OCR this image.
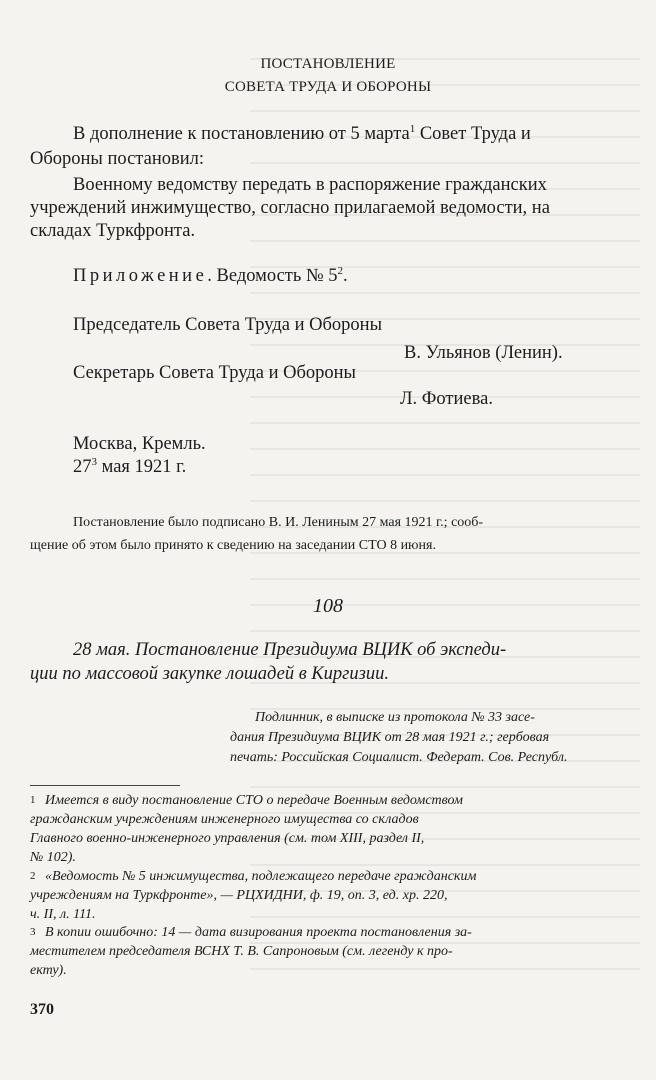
ПОСТАНОВЛЕНИЕ
СОВЕТА ТРУДА И ОБОРОНЫ
В дополнение к постановлению от 5 марта$^1$ Совет Труда и
Обороны постановил:
Военному ведомству передать в распоряжение гражданских
учреждений инжимущество, согласно прилагаемой ведомости, на
складах Туркфронта.
Приложение. Ведомость № $5^2$.
Председатель Совета Труда и Обороны
В. Ульянов (Ленин).
Секретарь Совета Труда и Обороны
Л. Фотиева.
Москва, Кремль.
$27^3$ мая 1921 г.
Постановление было подписано В. И. Лениным 27 мая 1921 г.; сооб-
щение об этом было принято к сведению на заседании СТО 8 июня.
108
28 мая. Постановление Президиума ВЦИК об экспеди-
ции по массовой закупке лошадей в Киргизии.
Подлинник, в выписке из протокола № 33 засе-
дания Президиума ВЦИК от 28 мая 1921 г.; гербовая
печать: Российская Социалист. Федерат. Сов. Республ.
1 Имеется в виду постановление СТО о передаче Военным ведомством
гражданским учреждениям инженерного имущества со складов
Главного военно-инженерного управления (см. том XIII, раздел II,
№ 102).
2 «Ведомость № 5 инжимущества, подлежащего передаче гражданским
учреждениям на Туркфронте», — РЦХИДНИ, ф. 19, оп. 3, ед. хр. 220,
ч. II, л. 111.
3 В копии ошибочно: 14 — дата визирования проекта постановления за-
местителем председателя ВСНХ Т. В. Сапроновым (см. легенду к про-
екту).
370
